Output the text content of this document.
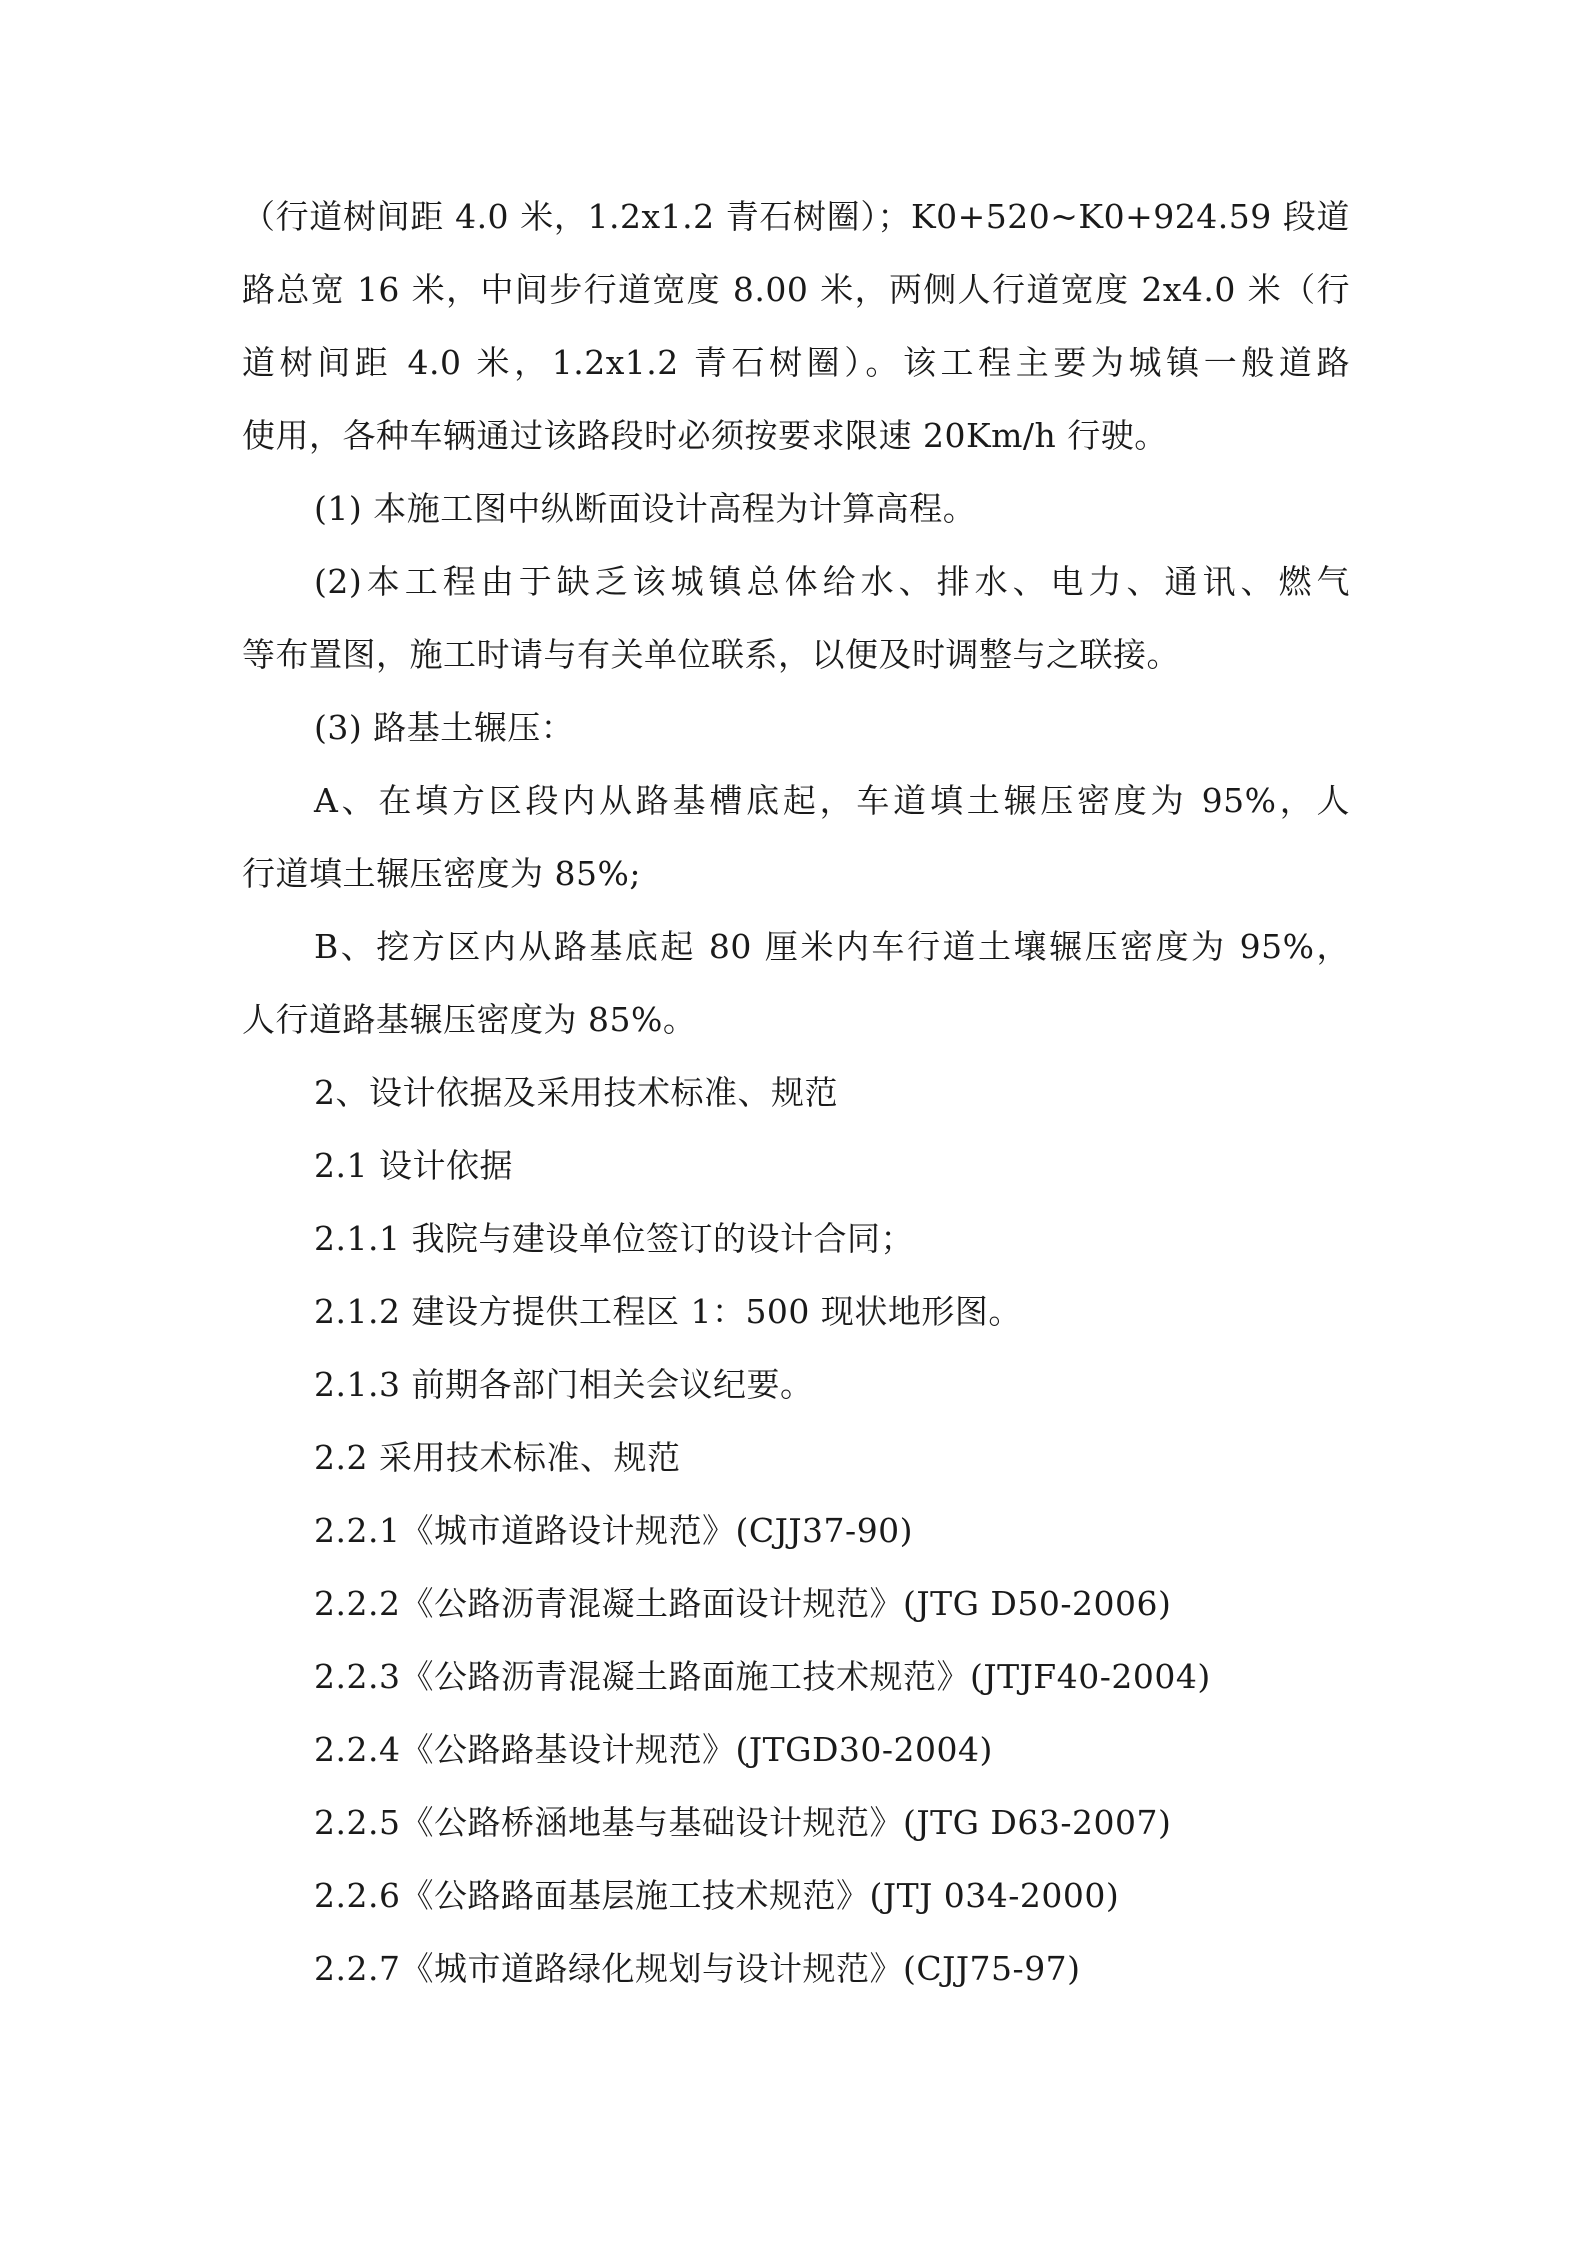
（行道树间距 4.0 米，1.2x1.2 青石树圈）；K0+520~K0+924.59 段道
路总宽 16 米，中间步行道宽度 8.00 米，两侧人行道宽度 2x4.0 米（行
道树间距 4.0 米，1.2x1.2 青石树圈）。该工程主要为城镇一般道路
使用，各种车辆通过该路段时必须按要求限速 20Km/h 行驶。
(1) 本施工图中纵断面设计高程为计算高程。
(2)本工程由于缺乏该城镇总体给水、排水、电力、通讯、燃气
等布置图，施工时请与有关单位联系，以便及时调整与之联接。
(3) 路基土辗压：
A、在填方区段内从路基槽底起，车道填土辗压密度为 95%，人
行道填土辗压密度为 85%;
B、挖方区内从路基底起 80 厘米内车行道土壤辗压密度为 95%，
人行道路基辗压密度为 85%。
2、设计依据及采用技术标准、规范
2.1 设计依据
2.1.1 我院与建设单位签订的设计合同；
2.1.2 建设方提供工程区 1：500 现状地形图。
2.1.3 前期各部门相关会议纪要。
2.2 采用技术标准、规范
2.2.1《城市道路设计规范》(CJJ37-90)
2.2.2《公路沥青混凝土路面设计规范》(JTG D50-2006)
2.2.3《公路沥青混凝土路面施工技术规范》(JTJF40-2004)
2.2.4《公路路基设计规范》(JTGD30-2004)
2.2.5《公路桥涵地基与基础设计规范》(JTG D63-2007)
2.2.6《公路路面基层施工技术规范》(JTJ 034-2000)
2.2.7《城市道路绿化规划与设计规范》(CJJ75-97)
